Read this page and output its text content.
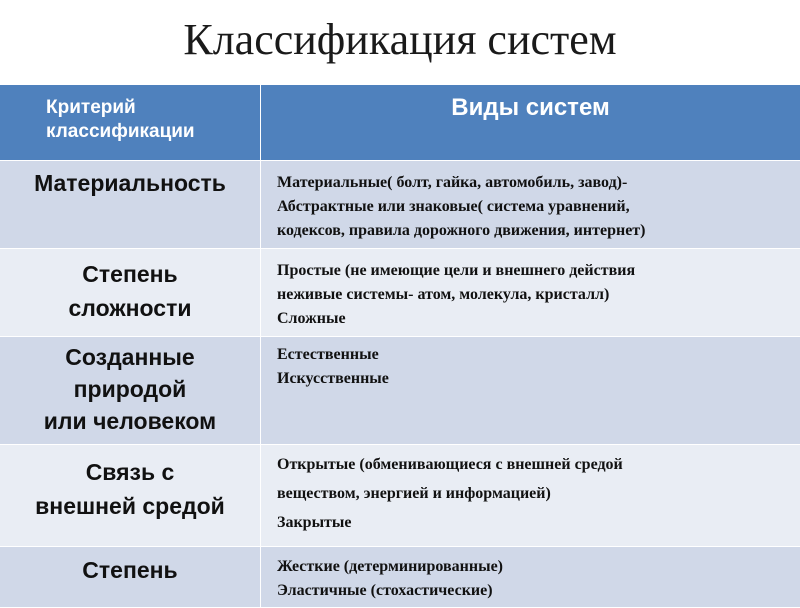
Классификация систем
Критерий
классификации
Виды систем
Материальность	Материальные( болт, гайка, автомобиль, завод)-
Абстрактные или знаковые( система уравнений,
кодексов, правила дорожного движения, интернет)
Степень
сложности
Простые (не имеющие цели и внешнего действия
неживые системы- атом, молекула, кристалл)
Сложные
Созданные
природой
или человеком
Естественные
Искусственные
Связь с
внешней средой
Открытые (обменивающиеся с внешней средой
веществом, энергией и информацией)
Закрытые
Степень	Жесткие (детерминированные)
Эластичные (стохастические)
